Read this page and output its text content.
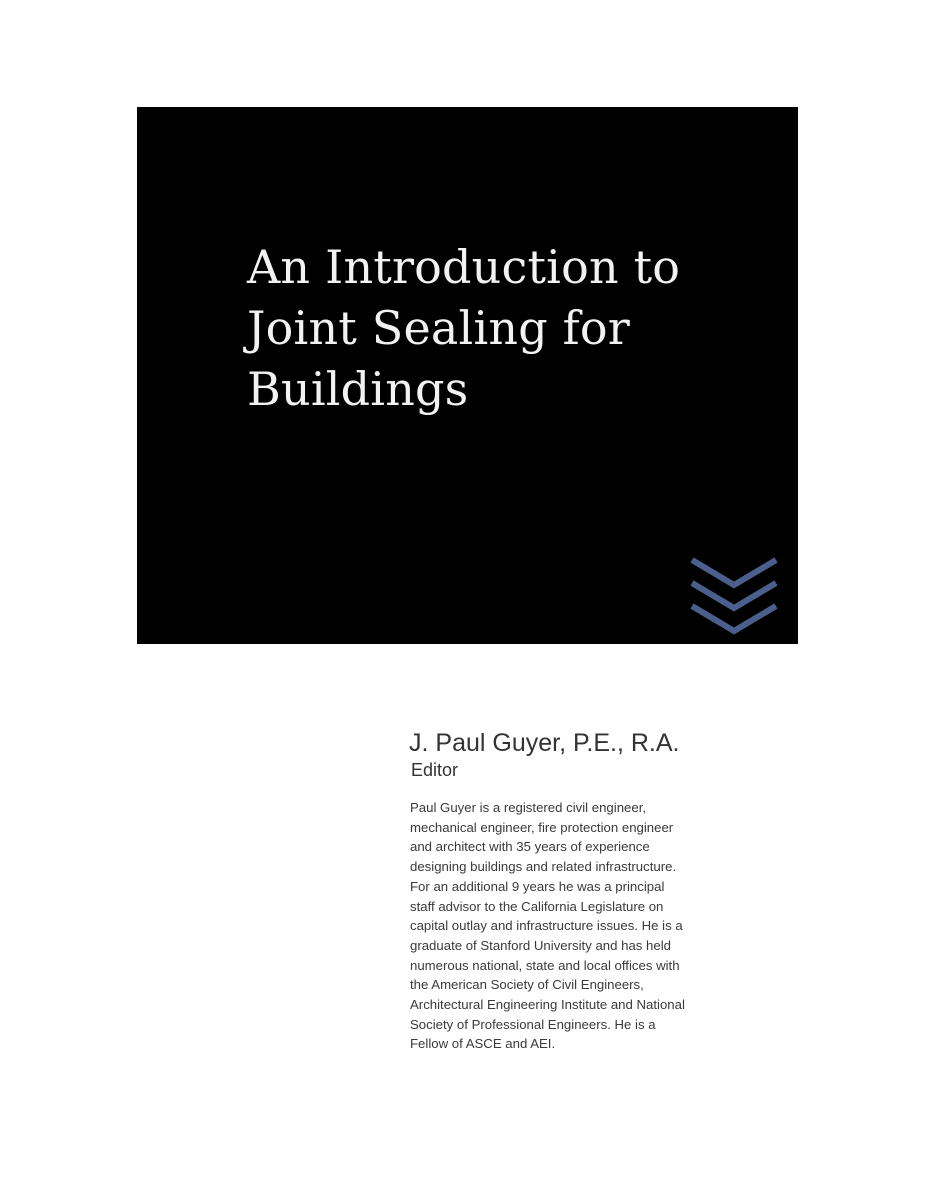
An Introduction to
Joint Sealing for
Buildings

J. Paul Guyer, P.E., R.A.

Editor

Paul Guyer is a registered civil engineer,
mechanical engineer, fire protection engineer
and architect with 35 years of experience
designing buildings and related infrastructure.
For an additional 9 years he was a principal
staff advisor to the California Legislature on
capital outlay and infrastructure issues. He is a
graduate of Stanford University and has held
numerous national, state and local offices with
the American Society of Civil Engineers,
Architectural Engineering Institute and National
Society of Professional Engineers. He is a
Fellow of ASCE and AEI.
